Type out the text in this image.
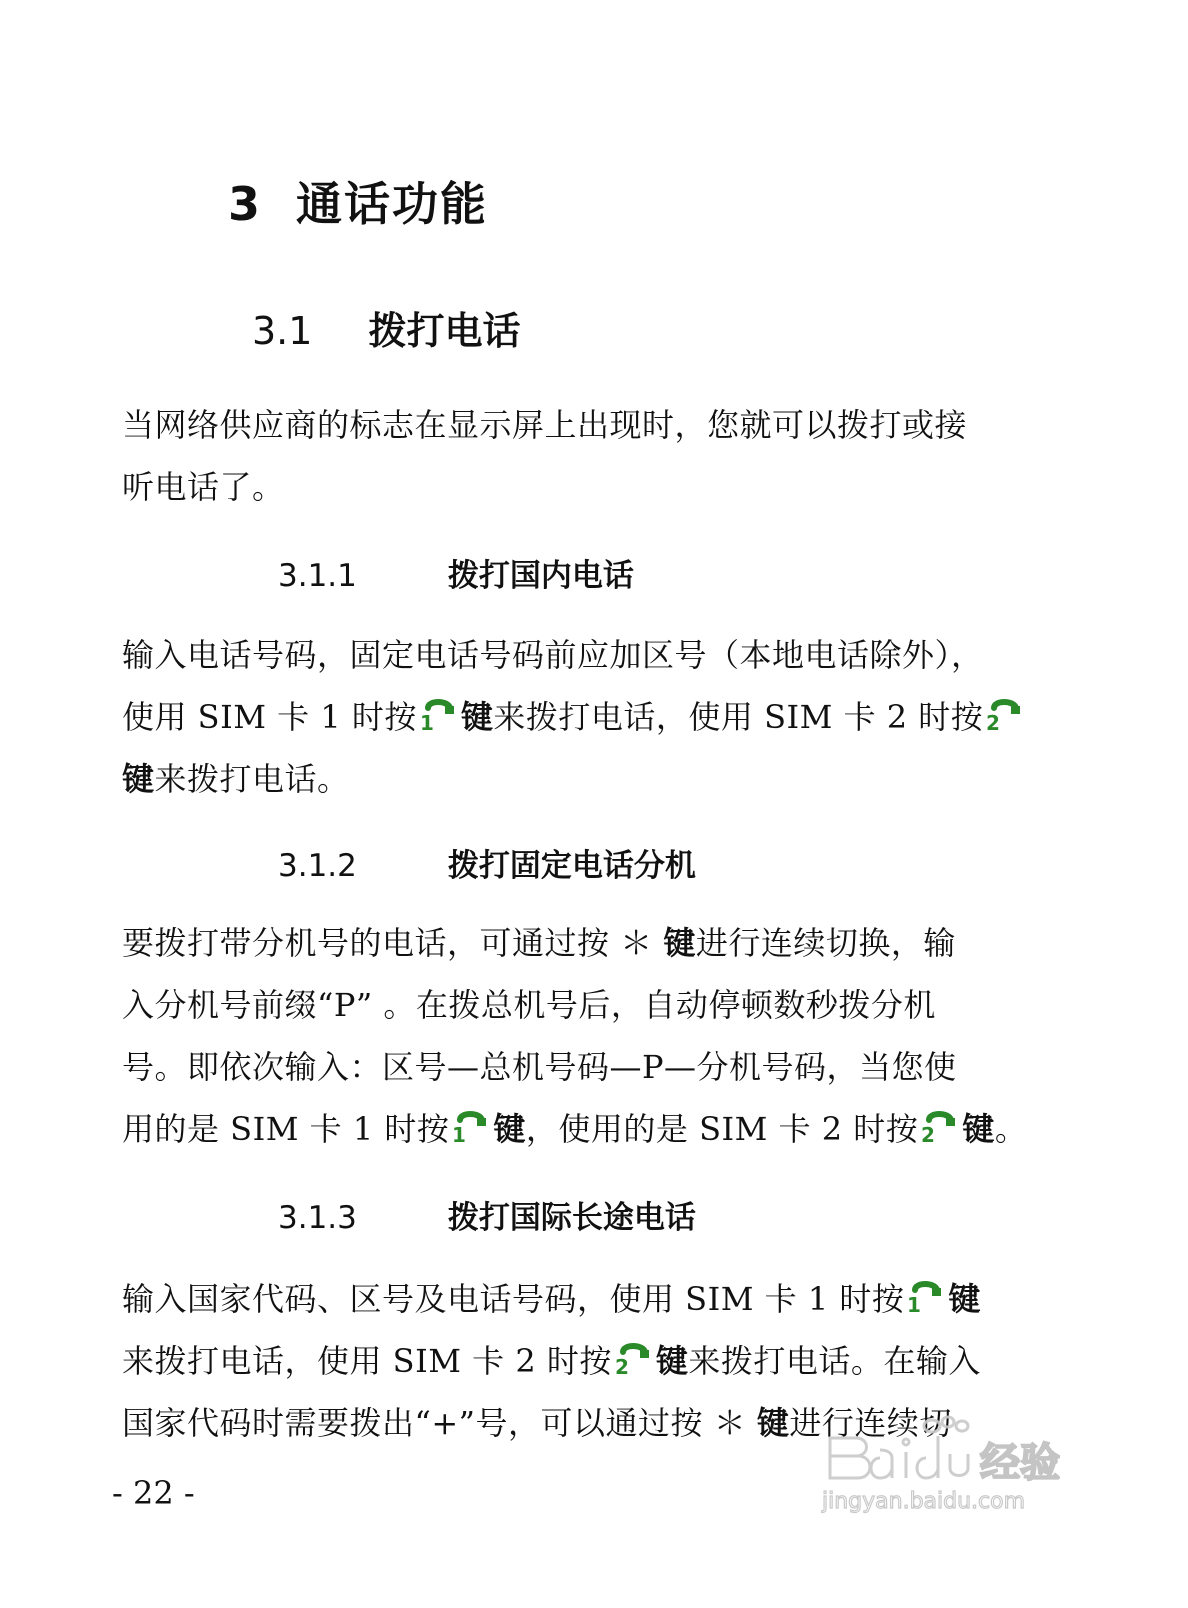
3 通话功能
3.1 拨打电话
当网络供应商的标志在显示屏上出现时，您就可以拨打或接
听电话了。
3.1.1	拨打国内电话
输入电话号码，固定电话号码前应加区号（本地电话除外），
使用 SIM 卡 1 时按 1 键来拨打电话，使用 SIM 卡 2 时按 2
键来拨打电话。
3.1.2	拨打固定电话分机
要拨打带分机号的电话，可通过按 ＊ 键进行连续切换，输
入分机号前缀“P” 。在拨总机号后，自动停顿数秒拨分机
号。即依次输入：区号—总机号码—P—分机号码，当您使
用的是 SIM 卡 1 时按 1 键，使用的是 SIM 卡 2 时按 2 键。
3.1.3	拨打国际长途电话
输入国家代码、区号及电话号码，使用 SIM 卡 1 时按 1 键
来拨打电话，使用 SIM 卡 2 时按 2 键来拨打电话。在输入
国家代码时需要拨出“+”号，可以通过按 ＊ 键进行连续切
- 22 -
经验
jingyan.baidu.com
